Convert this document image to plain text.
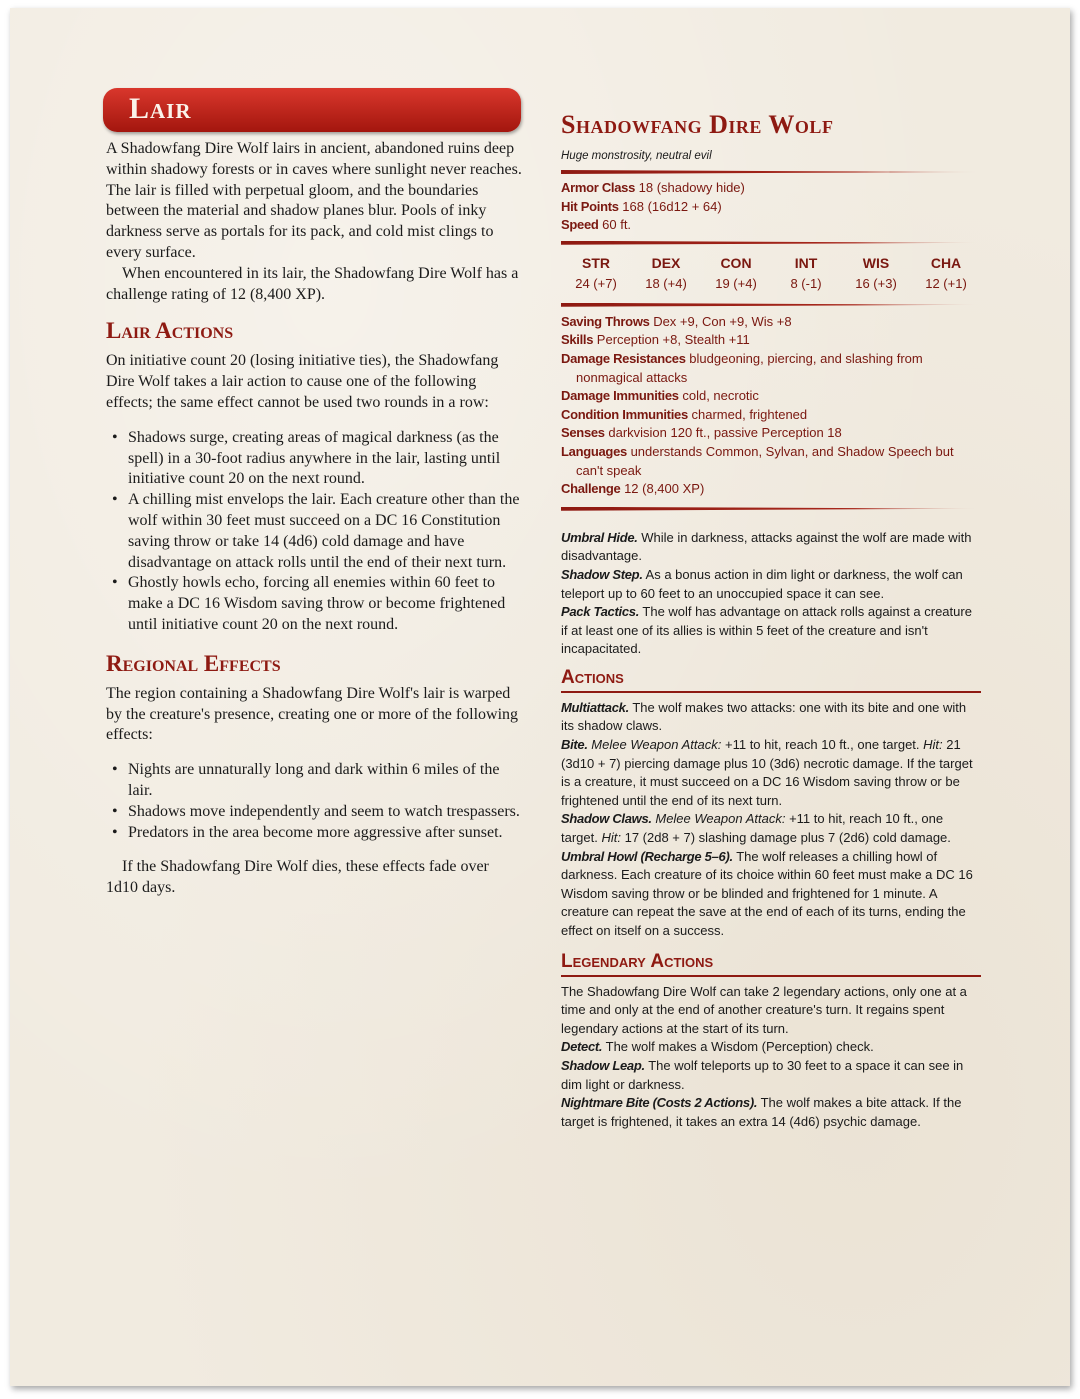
Lair

A Shadowfang Dire Wolf lairs in ancient, abandoned ruins deep within shadowy forests or in caves where sunlight never reaches. The lair is filled with perpetual gloom, and the boundaries between the material and shadow planes blur. Pools of inky darkness serve as portals for its pack, and cold mist clings to every surface.

When encountered in its lair, the Shadowfang Dire Wolf has a challenge rating of 12 (8,400 XP).

Lair Actions

On initiative count 20 (losing initiative ties), the Shadowfang Dire Wolf takes a lair action to cause one of the following effects; the same effect cannot be used two rounds in a row:

• Shadows surge, creating areas of magical darkness (as the spell) in a 30-foot radius anywhere in the lair, lasting until initiative count 20 on the next round.
• A chilling mist envelops the lair. Each creature other than the wolf within 30 feet must succeed on a DC 16 Constitution saving throw or take 14 (4d6) cold damage and have disadvantage on attack rolls until the end of their next turn.
• Ghostly howls echo, forcing all enemies within 60 feet to make a DC 16 Wisdom saving throw or become frightened until initiative count 20 on the next round.
Regional Effects

The region containing a Shadowfang Dire Wolf's lair is warped by the creature's presence, creating one or more of the following effects:

• Nights are unnaturally long and dark within 6 miles of the lair.
• Shadows move independently and seem to watch trespassers.
• Predators in the area become more aggressive after sunset.

If the Shadowfang Dire Wolf dies, these effects fade over 1d10 days.

Shadowfang Dire Wolf

Huge monstrosity, neutral evil

Armor Class 18 (shadowy hide)

Hit Points 168 (16d12 + 64)

Speed 60 ft.

STR
24 (+7)
DEX
18 (+4)
CON
19 (+4)
INT
8 (-1)
WIS
16 (+3)
CHA
12 (+1)

Saving Throws Dex +9, Con +9, Wis +8

Skills Perception +8, Stealth +11

Damage Resistances bludgeoning, piercing, and slashing from nonmagical attacks

Damage Immunities cold, necrotic

Condition Immunities charmed, frightened

Senses darkvision 120 ft., passive Perception 18

Languages understands Common, Sylvan, and Shadow Speech but can't speak

Challenge 12 (8,400 XP)

Umbral Hide. While in darkness, attacks against the wolf are made with disadvantage.

Shadow Step. As a bonus action in dim light or darkness, the wolf can teleport up to 60 feet to an unoccupied space it can see.

Pack Tactics. The wolf has advantage on attack rolls against a creature if at least one of its allies is within 5 feet of the creature and isn't incapacitated.

Actions

Multiattack. The wolf makes two attacks: one with its bite and one with its shadow claws.

Bite. Melee Weapon Attack: +11 to hit, reach 10 ft., one target. Hit: 21 (3d10 + 7) piercing damage plus 10 (3d6) necrotic damage. If the target is a creature, it must succeed on a DC 16 Wisdom saving throw or be frightened until the end of its next turn.

Shadow Claws. Melee Weapon Attack: +11 to hit, reach 10 ft., one target. Hit: 17 (2d8 + 7) slashing damage plus 7 (2d6) cold damage.

Umbral Howl (Recharge 5–6). The wolf releases a chilling howl of darkness. Each creature of its choice within 60 feet must make a DC 16 Wisdom saving throw or be blinded and frightened for 1 minute. A creature can repeat the save at the end of each of its turns, ending the effect on itself on a success.

Legendary Actions

The Shadowfang Dire Wolf can take 2 legendary actions, only one at a time and only at the end of another creature's turn. It regains spent legendary actions at the start of its turn.

Detect. The wolf makes a Wisdom (Perception) check.

Shadow Leap. The wolf teleports up to 30 feet to a space it can see in dim light or darkness.

Nightmare Bite (Costs 2 Actions). The wolf makes a bite attack. If the target is frightened, it takes an extra 14 (4d6) psychic damage.
